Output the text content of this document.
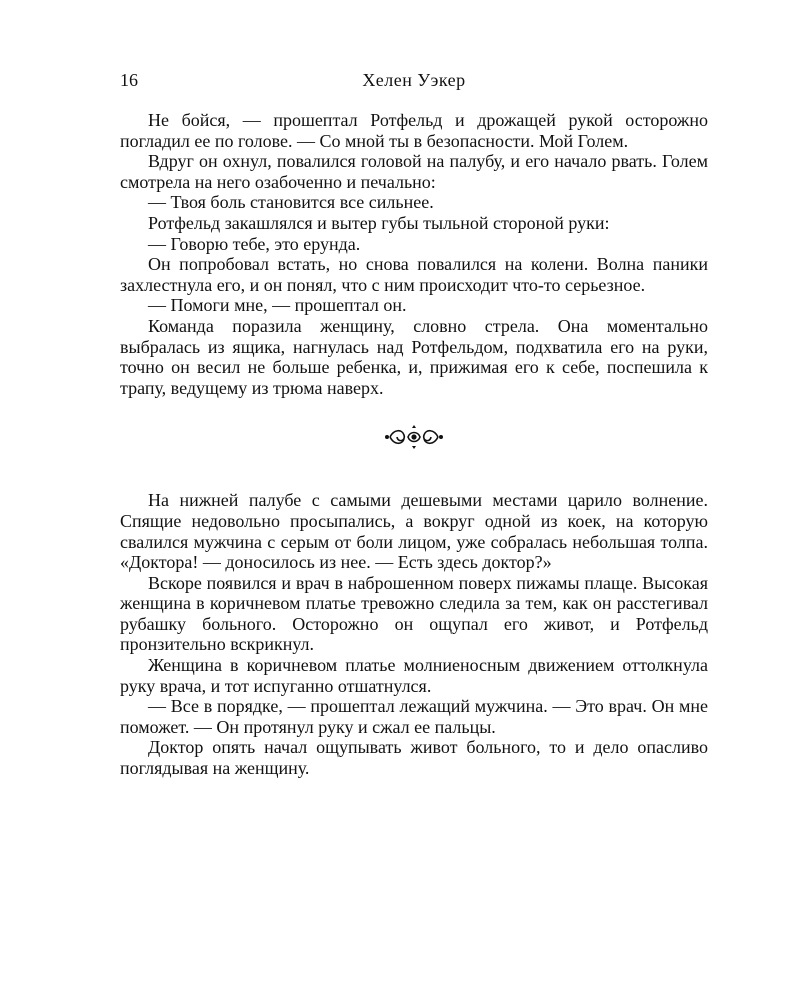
16	Хелен Уэкер

Не бойся, — прошептал Ротфельд и дрожащей рукой осторожно погладил ее по голове. — Со мной ты в безопасности. Мой Голем.

Вдруг он охнул, повалился головой на палубу, и его начало рвать. Голем смотрела на него озабоченно и печально:

— Твоя боль становится все сильнее.

Ротфельд закашлялся и вытер губы тыльной стороной руки:

— Говорю тебе, это ерунда.

Он попробовал встать, но снова повалился на колени. Волна паники захлестнула его, и он понял, что с ним происходит что-то серьезное.

— Помоги мне, — прошептал он.

Команда поразила женщину, словно стрела. Она моментально выбралась из ящика, нагнулась над Ротфельдом, подхватила его на руки, точно он весил не больше ребенка, и, прижимая его к себе, поспешила к трапу, ведущему из трюма наверх.

На нижней палубе с самыми дешевыми местами царило волнение. Спящие недовольно просыпались, а вокруг одной из коек, на которую свалился мужчина с серым от боли лицом, уже собралась небольшая толпа. «Доктора! — доносилось из нее. — Есть здесь доктор?»

Вскоре появился и врач в наброшенном поверх пижамы плаще. Высокая женщина в коричневом платье тревожно следила за тем, как он расстегивал рубашку больного. Осторожно он ощупал его живот, и Ротфельд пронзительно вскрикнул.

Женщина в коричневом платье молниеносным движением оттолкнула руку врача, и тот испуганно отшатнулся.

— Все в порядке, — прошептал лежащий мужчина. — Это врач. Он мне поможет. — Он протянул руку и сжал ее пальцы.

Доктор опять начал ощупывать живот больного, то и дело опасливо поглядывая на женщину.
